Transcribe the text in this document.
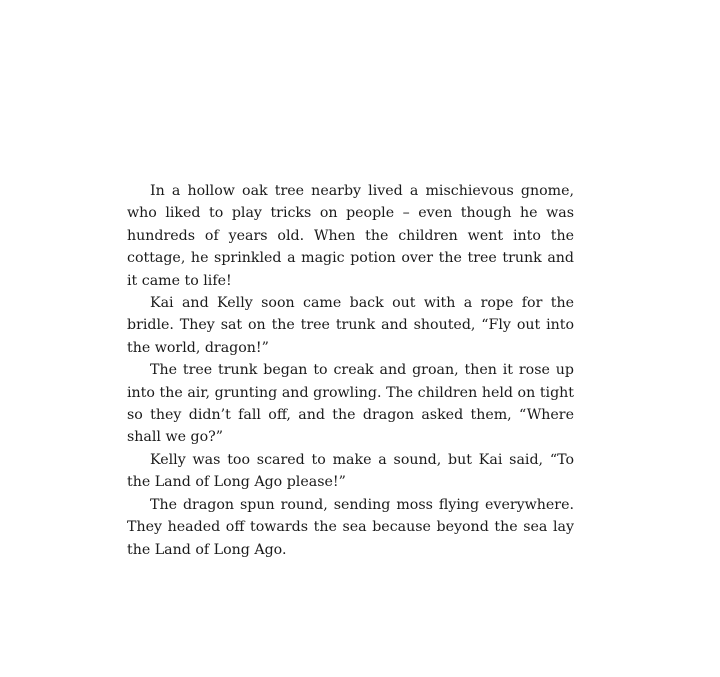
In a hollow oak tree nearby lived a mischievous gnome, who liked to play tricks on people – even though he was hundreds of years old. When the children went into the cottage, he sprinkled a magic potion over the tree trunk and it came to life!

Kai and Kelly soon came back out with a rope for the bridle. They sat on the tree trunk and shouted, “Fly out into the world, dragon!”

The tree trunk began to creak and groan, then it rose up into the air, grunting and growling. The children held on tight so they didn’t fall off, and the dragon asked them, “Where shall we go?”

Kelly was too scared to make a sound, but Kai said, “To the Land of Long Ago please!”

The dragon spun round, sending moss flying everywhere. They headed off towards the sea because beyond the sea lay the Land of Long Ago.
